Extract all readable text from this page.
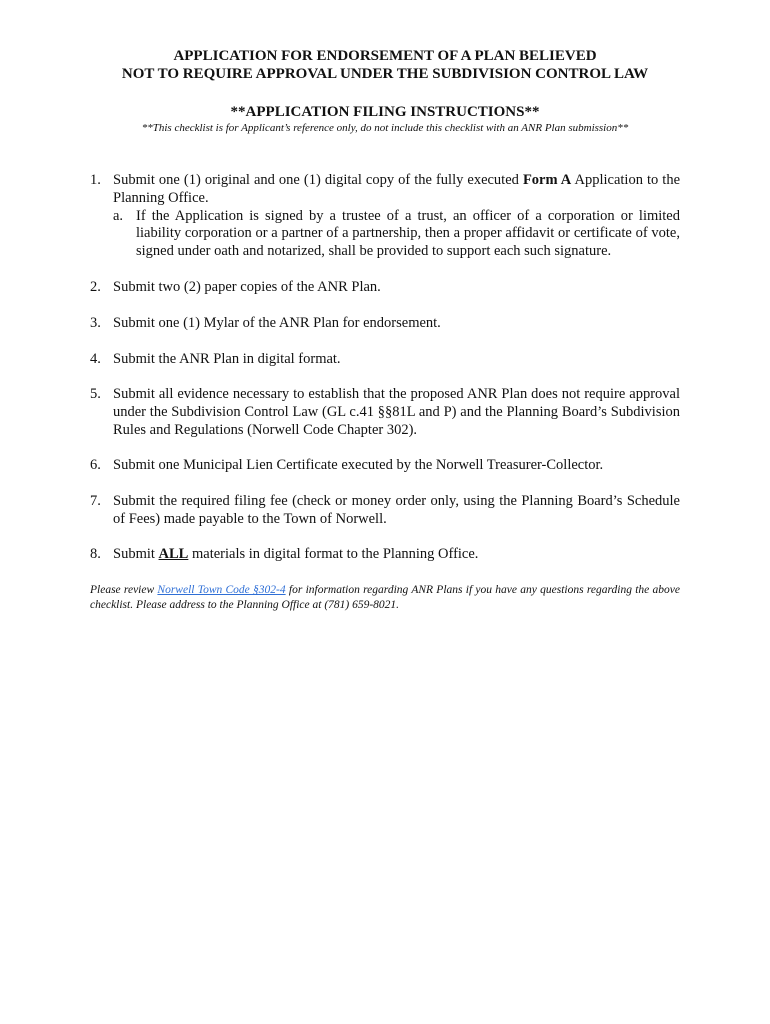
APPLICATION FOR ENDORSEMENT OF A PLAN BELIEVED
NOT TO REQUIRE APPROVAL UNDER THE SUBDIVISION CONTROL LAW
**APPLICATION FILING INSTRUCTIONS**
**This checklist is for Applicant’s reference only, do not include this checklist with an ANR Plan submission**
1. Submit one (1) original and one (1) digital copy of the fully executed Form A Application to the Planning Office.
a. If the Application is signed by a trustee of a trust, an officer of a corporation or limited liability corporation or a partner of a partnership, then a proper affidavit or certificate of vote, signed under oath and notarized, shall be provided to support each such signature.
2. Submit two (2) paper copies of the ANR Plan.
3. Submit one (1) Mylar of the ANR Plan for endorsement.
4. Submit the ANR Plan in digital format.
5. Submit all evidence necessary to establish that the proposed ANR Plan does not require approval under the Subdivision Control Law (GL c.41 §§81L and P) and the Planning Board’s Subdivision Rules and Regulations (Norwell Code Chapter 302).
6. Submit one Municipal Lien Certificate executed by the Norwell Treasurer-Collector.
7. Submit the required filing fee (check or money order only, using the Planning Board’s Schedule of Fees) made payable to the Town of Norwell.
8. Submit ALL materials in digital format to the Planning Office.
Please review Norwell Town Code §302-4 for information regarding ANR Plans if you have any questions regarding the above checklist. Please address to the Planning Office at (781) 659-8021.
